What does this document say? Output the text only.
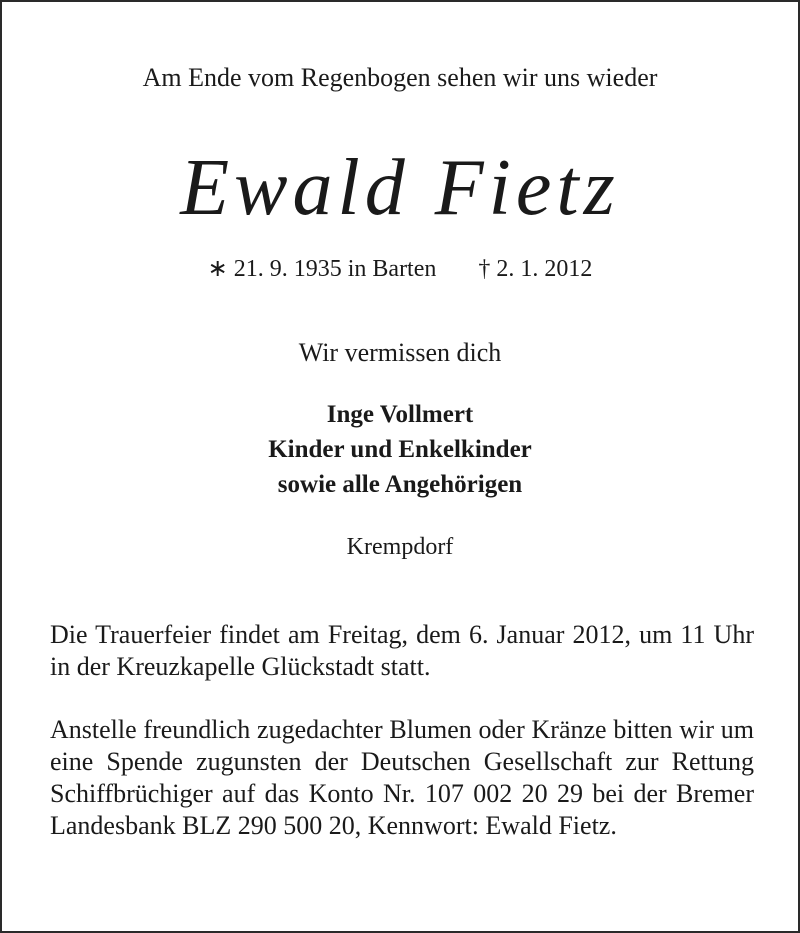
Am Ende vom Regenbogen sehen wir uns wieder
Ewald Fietz
∗ 21. 9. 1935 in Barten † 2. 1. 2012
Wir vermissen dich
Inge Vollmert
Kinder und Enkelkinder
sowie alle Angehörigen
Krempdorf
Die Trauerfeier findet am Freitag, dem 6. Januar 2012, um 11 Uhr in der Kreuzkapelle Glückstadt statt.
Anstelle freundlich zugedachter Blumen oder Kränze bitten wir um eine Spende zugunsten der Deutschen Gesellschaft zur Rettung Schiffbrüchiger auf das Konto Nr. 107 002 20 29 bei der Bremer Landesbank BLZ 290 500 20, Kennwort: Ewald Fietz.
